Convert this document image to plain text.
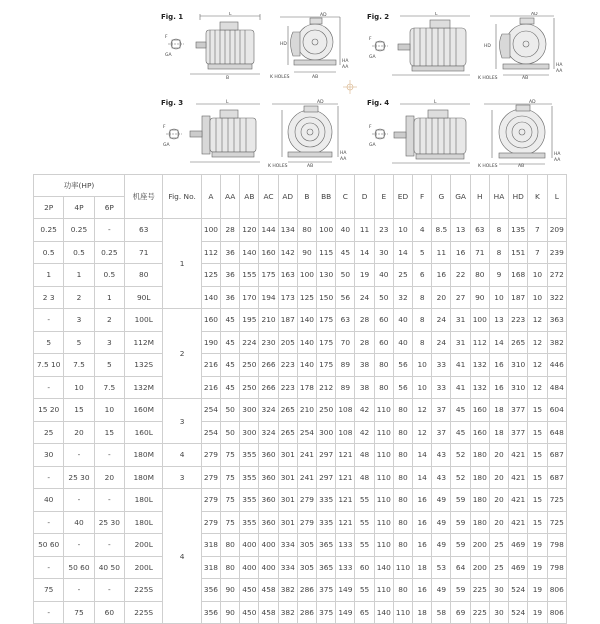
Fig. 1	L	AD
HD
HA
AA
K HOLES	AB
B
F
GA
Fig. 2	L	AD
HD
HA
AA
K HOLES	AB
F
GA
Fig. 3	L	AD
HA
AA
K HOLES	AB
F
GA
Fig. 4	L	AD
HA
AA
K HOLES	AB
F
GA
功率(HP)			机座号	Fig. No.	A	AA	AB	AC	AD	B	BB	C	D	E	ED	F	G	GA	H	HA	HD	K	L
2P	4P	6P																					
0.25	0.25	-	63	1	100	28	120	144	134	80	100	40	11	23	10	4	8.5	13	63	8	135	7	209
0.5	0.5	0.25	71		112	36	140	160	142	90	115	45	14	30	14	5	11	16	71	8	151	7	239
1	1	0.5	80		125	36	155	175	163	100	130	50	19	40	25	6	16	22	80	9	168	10	272
2 3	2	1	90L		140	36	170	194	173	125	150	56	24	50	32	8	20	27	90	10	187	10	322
-	3	2	100L	2	160	45	195	210	187	140	175	63	28	60	40	8	24	31	100	13	223	12	363
5	5	3	112M		190	45	224	230	205	140	175	70	28	60	40	8	24	31	112	14	265	12	382
7.5 10	7.5	5	132S		216	45	250	266	223	140	175	89	38	80	56	10	33	41	132	16	310	12	446
-	10	7.5	132M		216	45	250	266	223	178	212	89	38	80	56	10	33	41	132	16	310	12	484
15 20	15	10	160M	3	254	50	300	324	265	210	250	108	42	110	80	12	37	45	160	18	377	15	604
25	20	15	160L		254	50	300	324	265	254	300	108	42	110	80	12	37	45	160	18	377	15	648
30	-	-	180M	4	279	75	355	360	301	241	297	121	48	110	80	14	43	52	180	20	421	15	687
-	25 30	20	180M	3	279	75	355	360	301	241	297	121	48	110	80	14	43	52	180	20	421	15	687
40	-	-	180L	4	279	75	355	360	301	279	335	121	55	110	80	16	49	59	180	20	421	15	725
-	40	25 30	180L		279	75	355	360	301	279	335	121	55	110	80	16	49	59	180	20	421	15	725
50 60	-	-	200L		318	80	400	400	334	305	365	133	55	110	80	16	49	59	200	25	469	19	798
-	50 60	40 50	200L		318	80	400	400	334	305	365	133	60	140	110	18	53	64	200	25	469	19	798
75	-	-	225S		356	90	450	458	382	286	375	149	55	110	80	16	49	59	225	30	524	19	806
-	75	60	225S		356	90	450	458	382	286	375	149	65	140	110	18	58	69	225	30	524	19	806
